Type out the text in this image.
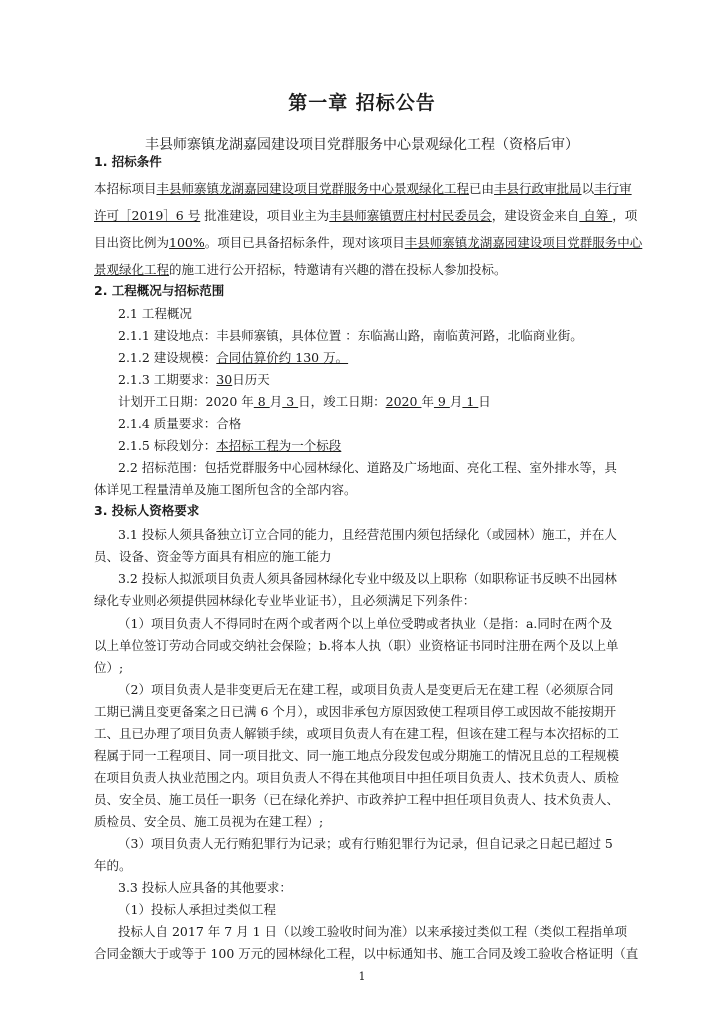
第一章 招标公告
丰县师寨镇龙湖嘉园建设项目党群服务中心景观绿化工程（资格后审）
1. 招标条件
本招标项目丰县师寨镇龙湖嘉园建设项目党群服务中心景观绿化工程已由丰县行政审批局以丰行审
许可［2019］6 号 批准建设，项目业主为丰县师寨镇贾庄村村民委员会，建设资金来自 自筹 ，项
目出资比例为100%。项目已具备招标条件，现对该项目丰县师寨镇龙湖嘉园建设项目党群服务中心
景观绿化工程的施工进行公开招标，特邀请有兴趣的潜在投标人参加投标。
2. 工程概况与招标范围
2.1 工程概况
2.1.1 建设地点：丰县师寨镇，具体位置 ：东临嵩山路，南临黄河路，北临商业街。
2.1.2 建设规模：合同估算价约 130 万。
2.1.3 工期要求：30日历天
计划开工日期：2020 年 8 月 3 日，竣工日期：2020 年 9 月 1 日
2.1.4 质量要求：合格
2.1.5 标段划分：本招标工程为一个标段
2.2 招标范围：包括党群服务中心园林绿化、道路及广场地面、亮化工程、室外排水等，具
体详见工程量清单及施工图所包含的全部内容。
3. 投标人资格要求
3.1 投标人须具备独立订立合同的能力，且经营范围内须包括绿化（或园林）施工，并在人
员、设备、资金等方面具有相应的施工能力
3.2 投标人拟派项目负责人须具备园林绿化专业中级及以上职称（如职称证书反映不出园林
绿化专业则必须提供园林绿化专业毕业证书），且必须满足下列条件：
（1）项目负责人不得同时在两个或者两个以上单位受聘或者执业（是指：a.同时在两个及
以上单位签订劳动合同或交纳社会保险；b.将本人执（职）业资格证书同时注册在两个及以上单
位）;
（2）项目负责人是非变更后无在建工程，或项目负责人是变更后无在建工程（必须原合同
工期已满且变更备案之日已满 6 个月），或因非承包方原因致使工程项目停工或因故不能按期开
工、且已办理了项目负责人解锁手续，或项目负责人有在建工程，但该在建工程与本次招标的工
程属于同一工程项目、同一项目批文、同一施工地点分段发包或分期施工的情况且总的工程规模
在项目负责人执业范围之内。项目负责人不得在其他项目中担任项目负责人、技术负责人、质检
员、安全员、施工员任一职务（已在绿化养护、市政养护工程中担任项目负责人、技术负责人、
质检员、安全员、施工员视为在建工程）;
（3）项目负责人无行贿犯罪行为记录；或有行贿犯罪行为记录，但自记录之日起已超过 5
年的。
3.3 投标人应具备的其他要求：
（1）投标人承担过类似工程
投标人自 2017 年 7 月 1 日（以竣工验收时间为准）以来承接过类似工程（类似工程指单项
合同金额大于或等于 100 万元的园林绿化工程，以中标通知书、施工合同及竣工验收合格证明（直
1
